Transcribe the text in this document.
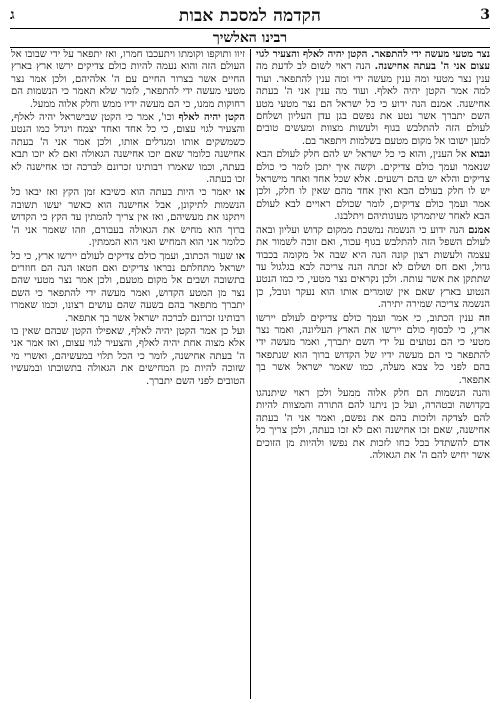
3
הקדמה למסכת אבות
ג
רבינו האלשיך

נצר מטעי מעשה ידי להתפאר. הקטן יהיה לאלף והצעיר לגוי עצום אני ה' בעתה אחישנה. הנה ראוי לשום לב לדעת מה ענין נצר מטעי ומה ענין מעשה ידי ומה ענין להתפאר. ועוד למה אמר הקטן יהיה לאלף. ועוד מה ענין אני ה' בעתה אחישנה. אמנם הנה ידוע כי כל ישראל הם נצר מטעי מטע השם יתברך אשר נטע את נפשם בגן עדן העליון ושלחם לעולם הזה להתלבש בגוף ולעשות מצוות ומעשים טובים למען ישובו אל מקום מטעם בשלמות ויתפאר בם.

ונבוא אל הענין, והוא כי כל ישראל יש להם חלק לעולם הבא שנאמר ועמך כולם צדיקים. וקשה איך יתכן לומר כי כולם צדיקים והלא יש בהם רשעים. אלא שכל אחד ואחד מישראל יש לו חלק בעולם הבא ואין אחד מהם שאין לו חלק, ולכן אמר ועמך כולם צדיקים, לומר שכולם ראויים לבא לעולם הבא לאחר שיתמרקו מעונותיהם ויתלבנו.

אמנם הנה ידוע כי הנשמה נמשכת ממקום קדוש ועליון ובאה לעולם השפל הזה להתלבש בגוף עכור, ואם זוכה לשמור את עצמה ולעשות רצון קונה הנה היא שבה אל מקומה בכבוד גדול, ואם חס ושלום לא זכתה הנה צריכה לבא בגלגול עד שתתקן את אשר עותה. ולכן נקראים נצר מטעי, כי כמו הנטע הנטוע בארץ שאם אין שומרים אותו הוא נעקר ונובל, כן הנשמה צריכה שמירה יתירה.

וזה ענין הכתוב, כי אמר ועמך כולם צדיקים לעולם יירשו ארץ, כי לבסוף כולם יירשו את הארץ העליונה, ואמר נצר מטעי כי הם נטועים על ידי השם יתברך, ואמר מעשה ידי להתפאר כי הם מעשה ידיו של הקדוש ברוך הוא שנתפאר בהם לפני כל צבא מעלה, כמו שאמר ישראל אשר בך אתפאר.

והנה הנשמות הם חלק אלוה ממעל ולכן ראוי שיתנהגו בקדושה ובטהרה, ועל כן ניתנו להם התורה והמצוות להיות להם לצדקה ולזכות בהם את נפשם, ואמר אני ה' בעתה אחישנה, שאם זכו אחישנה ואם לא זכו בעתה, ולכן צריך כל אדם להשתדל בכל כחו לזכות את נפשו ולהיות מן הזוכים אשר יחיש להם ה' את הגאולה.

זיוו ותוקפו וקומתו ויתעכבו חמרו, ואז יתפאר על ידי שבובו אל העולם הזה והוא נעמה להיות כולם צדיקים ירשו ארץ בארץ החיים אשר בצרור החיים עם ה' אלהיהם, ולכן אמר נצר מטעי מעשה ידי להתפאר, לומר שלא תאמר כי הנשמות הם רחוקות ממנו, כי הם מעשה ידיו ממש וחלק אלוה ממעל.

הקטן יהיה לאלף וכו', אמר כי הקטן שבישראל יהיה לאלף, והצעיר לגוי עצום, כי כל אחד ואחד יצמח ויגדל כמו הנטע כשמשקים אותו ומגדלים אותו, ולכן אמר אני ה' בעתה אחישנה כלומר שאם יזכו אחישנה הגאולה ואם לא יזכו תבא בעתה, וכמו שאמרו רבותינו זכרונם לברכה זכו אחישנה לא זכו בעתה.

או יאמר כי היות בעתה הוא כשיבא זמן הקץ ואז יבאו כל הנשמות לתיקונן, אבל אחישנה הוא כאשר יעשו תשובה ויתקנו את מעשיהם, ואז אין צריך להמתין עד הקץ כי הקדוש ברוך הוא מחיש את הגאולה בעבורם, וזהו שאמר אני ה' כלומר אני הוא המחיש ואני הוא הממתין.

או שעור הכתוב, ועמך כולם צדיקים לעולם יירשו ארץ, כי כל ישראל מתחלתם נבראו צדיקים ואם חטאו הנה הם חוזרים בתשובה ושבים אל מקום מטעם, ולכן אמר נצר מטעי שהם נצר מן המטע הקדוש, ואמר מעשה ידי להתפאר כי השם יתברך מתפאר בהם בשעה שהם עושים רצונו, וכמו שאמרו רבותינו זכרונם לברכה ישראל אשר בך אתפאר.

ועל כן אמר הקטן יהיה לאלף, שאפילו הקטן שבהם שאין בו אלא מצוה אחת יהיה לאלף, והצעיר לגוי עצום, ואז אמר אני ה' בעתה אחישנה, לומר כי הכל תלוי במעשיהם, ואשרי מי שזוכה להיות מן המחישים את הגאולה בתשובתו ובמעשיו הטובים לפני השם יתברך.
